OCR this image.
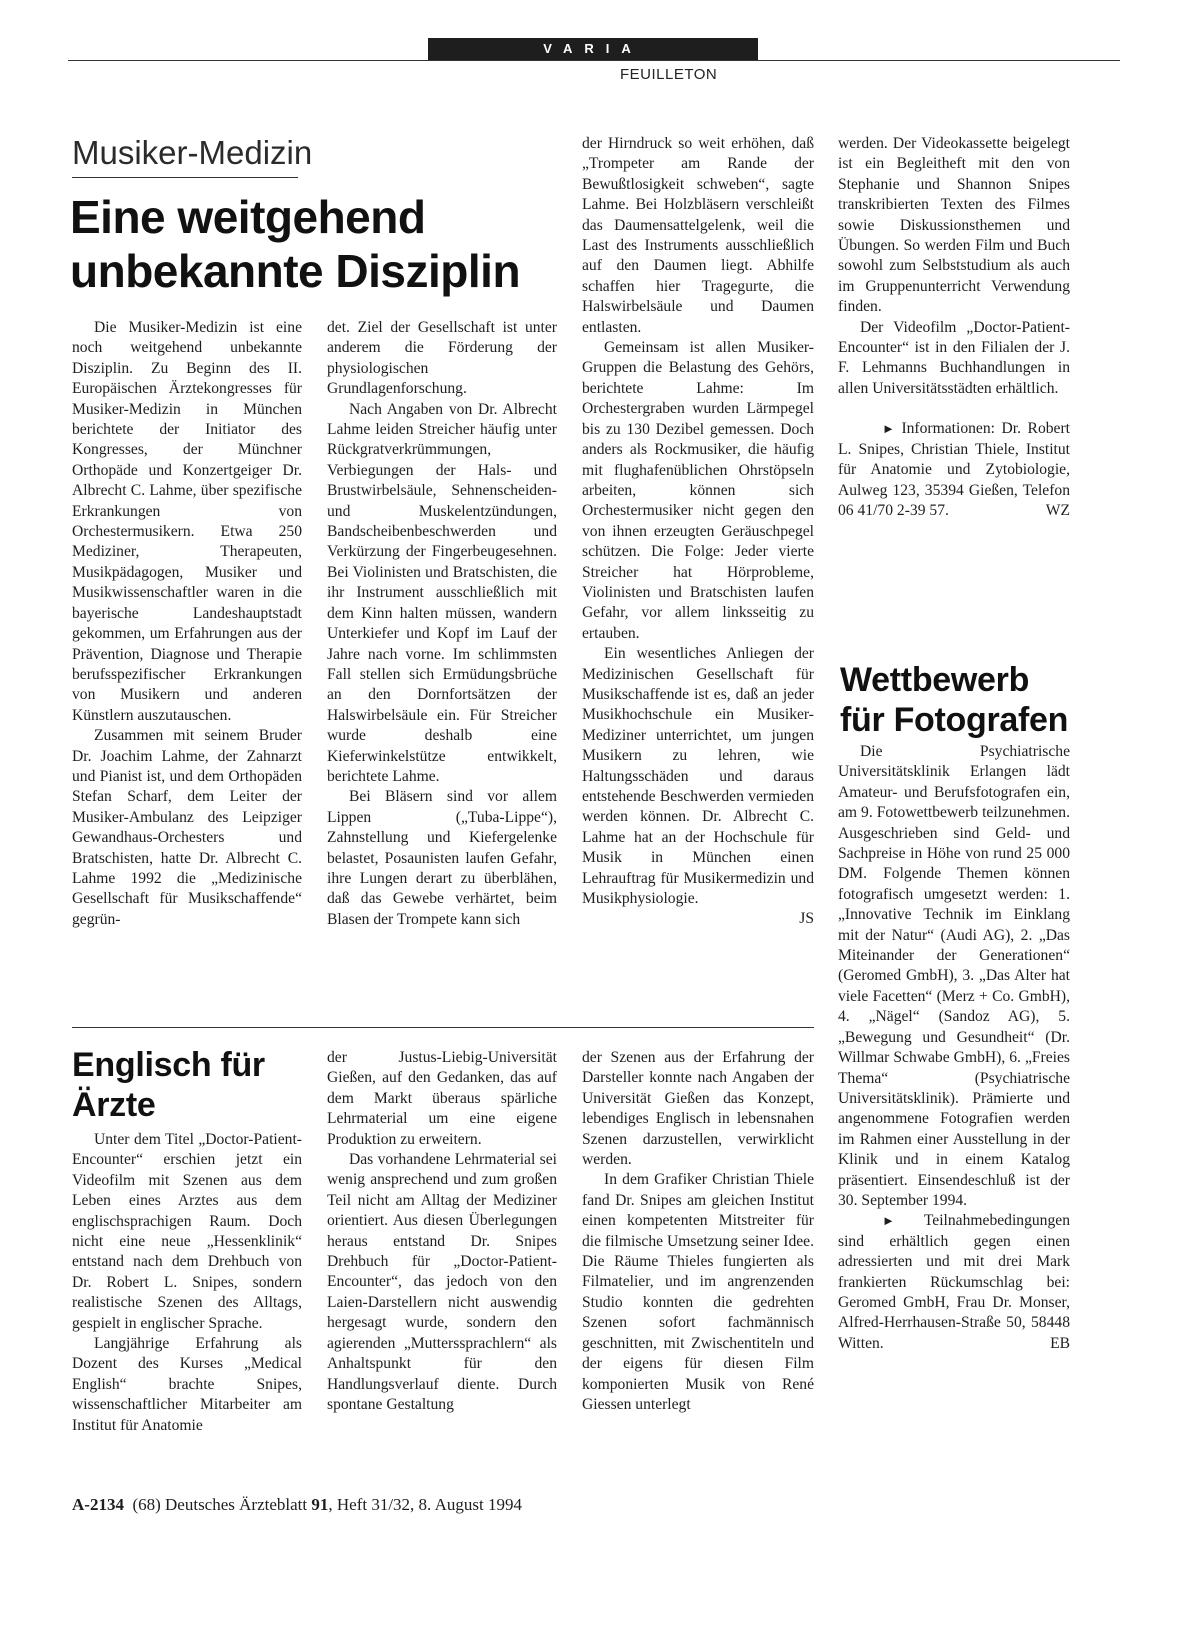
VARIA
FEUILLETON
Musiker-Medizin
Eine weitgehend
unbekannte Disziplin

Die Musiker-Medizin ist eine noch weitgehend unbekannte Disziplin. Zu Beginn des II. Europäischen Ärztekongresses für Musiker-Medizin in München berichtete der Initiator des Kongresses, der Münchner Orthopäde und Konzertgeiger Dr. Albrecht C. Lahme, über spezifische Erkrankungen von Orchestermusikern. Etwa 250 Mediziner, Therapeuten, Musikpädagogen, Musiker und Musikwissenschaftler waren in die bayerische Landeshauptstadt gekommen, um Erfahrungen aus der Prävention, Diagnose und Therapie berufsspezifischer Erkrankungen von Musikern und anderen Künstlern auszutauschen.

Zusammen mit seinem Bruder Dr. Joachim Lahme, der Zahnarzt und Pianist ist, und dem Orthopäden Stefan Scharf, dem Leiter der Musiker-Ambulanz des Leipziger Gewandhaus-Orchesters und Bratschisten, hatte Dr. Albrecht C. Lahme 1992 die „Medizinische Gesellschaft für Musikschaffende“ gegrün-

det. Ziel der Gesellschaft ist unter anderem die Förderung der physiologischen Grundlagenforschung.

Nach Angaben von Dr. Albrecht Lahme leiden Streicher häufig unter Rückgratverkrümmungen, Verbiegungen der Hals- und Brustwirbelsäule, Sehnenscheiden- und Muskelentzündungen, Bandscheibenbeschwerden und Verkürzung der Fingerbeugesehnen. Bei Violinisten und Bratschisten, die ihr Instrument ausschließlich mit dem Kinn halten müssen, wandern Unterkiefer und Kopf im Lauf der Jahre nach vorne. Im schlimmsten Fall stellen sich Ermüdungsbrüche an den Dornfortsätzen der Halswirbelsäule ein. Für Streicher wurde deshalb eine Kieferwinkelstütze entwikkelt, berichtete Lahme.

Bei Bläsern sind vor allem Lippen („Tuba-Lippe“), Zahnstellung und Kiefergelenke belastet, Posaunisten laufen Gefahr, ihre Lungen derart zu überblähen, daß das Gewebe verhärtet, beim Blasen der Trompete kann sich

der Hirndruck so weit erhöhen, daß „Trompeter am Rande der Bewußtlosigkeit schweben“, sagte Lahme. Bei Holzbläsern verschleißt das Daumensattelgelenk, weil die Last des Instruments ausschließlich auf den Daumen liegt. Abhilfe schaffen hier Tragegurte, die Halswirbelsäule und Daumen entlasten.

Gemeinsam ist allen Musiker-Gruppen die Belastung des Gehörs, berichtete Lahme: Im Orchestergraben wurden Lärmpegel bis zu 130 Dezibel gemessen. Doch anders als Rockmusiker, die häufig mit flughafenüblichen Ohrstöpseln arbeiten, können sich Orchestermusiker nicht gegen den von ihnen erzeugten Geräuschpegel schützen. Die Folge: Jeder vierte Streicher hat Hörprobleme, Violinisten und Bratschisten laufen Gefahr, vor allem linksseitig zu ertauben.

Ein wesentliches Anliegen der Medizinischen Gesellschaft für Musikschaffende ist es, daß an jeder Musikhochschule ein Musiker-Mediziner unterrichtet, um jungen Musikern zu lehren, wie Haltungsschäden und daraus entstehende Beschwerden vermieden werden können. Dr. Albrecht C. Lahme hat an der Hochschule für Musik in München einen Lehrauftrag für Musikermedizin und Musikphysiologie.

JS

Englisch für
Ärzte

Unter dem Titel „Doctor-Patient-Encounter“ erschien jetzt ein Videofilm mit Szenen aus dem Leben eines Arztes aus dem englischsprachigen Raum. Doch nicht eine neue „Hessenklinik“ entstand nach dem Drehbuch von Dr. Robert L. Snipes, sondern realistische Szenen des Alltags, gespielt in englischer Sprache.

Langjährige Erfahrung als Dozent des Kurses „Medical English“ brachte Snipes, wissenschaftlicher Mitarbeiter am Institut für Anatomie

der Justus-Liebig-Universität Gießen, auf den Gedanken, das auf dem Markt überaus spärliche Lehrmaterial um eine eigene Produktion zu erweitern.

Das vorhandene Lehrmaterial sei wenig ansprechend und zum großen Teil nicht am Alltag der Mediziner orientiert. Aus diesen Überlegungen heraus entstand Dr. Snipes Drehbuch für „Doctor-Patient-Encounter“, das jedoch von den Laien-Darstellern nicht auswendig hergesagt wurde, sondern den agierenden „Mutterssprachlern“ als Anhaltspunkt für den Handlungsverlauf diente. Durch spontane Gestaltung

der Szenen aus der Erfahrung der Darsteller konnte nach Angaben der Universität Gießen das Konzept, lebendiges Englisch in lebensnahen Szenen darzustellen, verwirklicht werden.

In dem Grafiker Christian Thiele fand Dr. Snipes am gleichen Institut einen kompetenten Mitstreiter für die filmische Umsetzung seiner Idee. Die Räume Thieles fungierten als Filmatelier, und im angrenzenden Studio konnten die gedrehten Szenen sofort fachmännisch geschnitten, mit Zwischentiteln und der eigens für diesen Film komponierten Musik von René Giessen unterlegt

werden. Der Videokassette beigelegt ist ein Begleitheft mit den von Stephanie und Shannon Snipes transkribierten Texten des Filmes sowie Diskussionsthemen und Übungen. So werden Film und Buch sowohl zum Selbststudium als auch im Gruppenunterricht Verwendung finden.

Der Videofilm „Doctor-Patient-Encounter“ ist in den Filialen der J. F. Lehmanns Buchhandlungen in allen Universitätsstädten erhältlich.

► Informationen: Dr. Robert L. Snipes, Christian Thiele, Institut für Anatomie und Zytobiologie, Aulweg 123, 35394 Gießen, Telefon 06 41/70 2-39 57.	WZ

Wettbewerb
für Fotografen

Die Psychiatrische Universitätsklinik Erlangen lädt Amateur- und Berufsfotografen ein, am 9. Fotowettbewerb teilzunehmen. Ausgeschrieben sind Geld- und Sachpreise in Höhe von rund 25 000 DM. Folgende Themen können fotografisch umgesetzt werden: 1. „Innovative Technik im Einklang mit der Natur“ (Audi AG), 2. „Das Miteinander der Generationen“ (Geromed GmbH), 3. „Das Alter hat viele Facetten“ (Merz + Co. GmbH), 4. „Nägel“ (Sandoz AG), 5. „Bewegung und Gesundheit“ (Dr. Willmar Schwabe GmbH), 6. „Freies Thema“ (Psychiatrische Universitätsklinik). Prämierte und angenommene Fotografien werden im Rahmen einer Ausstellung in der Klinik und in einem Katalog präsentiert. Einsendeschluß ist der 30. September 1994.

► Teilnahmebedingungen sind erhältlich gegen einen adressierten und mit drei Mark frankierten Rückumschlag bei: Geromed GmbH, Frau Dr. Monser, Alfred-Herrhausen-Straße 50, 58448 Witten.	EB

A-2134 (68) Deutsches Ärzteblatt 91, Heft 31/32, 8. August 1994
